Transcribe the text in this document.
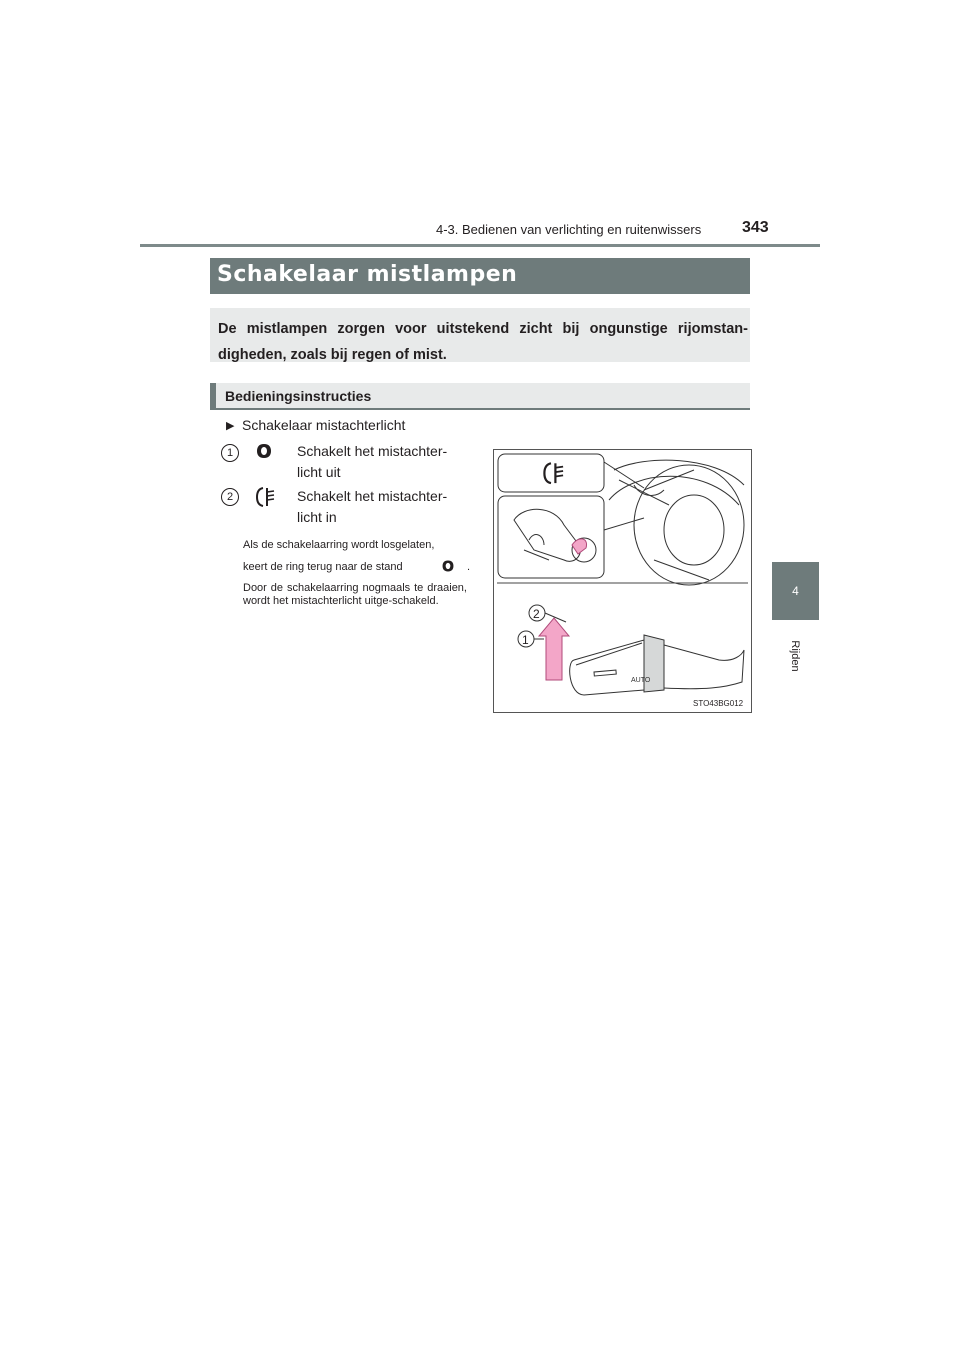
4-3. Bedienen van verlichting en ruitenwissers	343
4
Rijden
Schakelaar mistlampen
De mistlampen zorgen voor uitstekend zicht bij ongunstige rijomstan-digheden, zoals bij regen of mist.
Bedieningsinstructies
▶ Schakelaar mistachterlicht
1	Schakelt het mistachter-
licht uit
2	Schakelt het mistachter-
licht in
Als de schakelaarring wordt losgelaten,
keert de ring terug naar de stand	.
Door de schakelaarring nogmaals te draaien, wordt het mistachterlicht uitge-schakeld.
AUTO
2
1
STO43BG012
